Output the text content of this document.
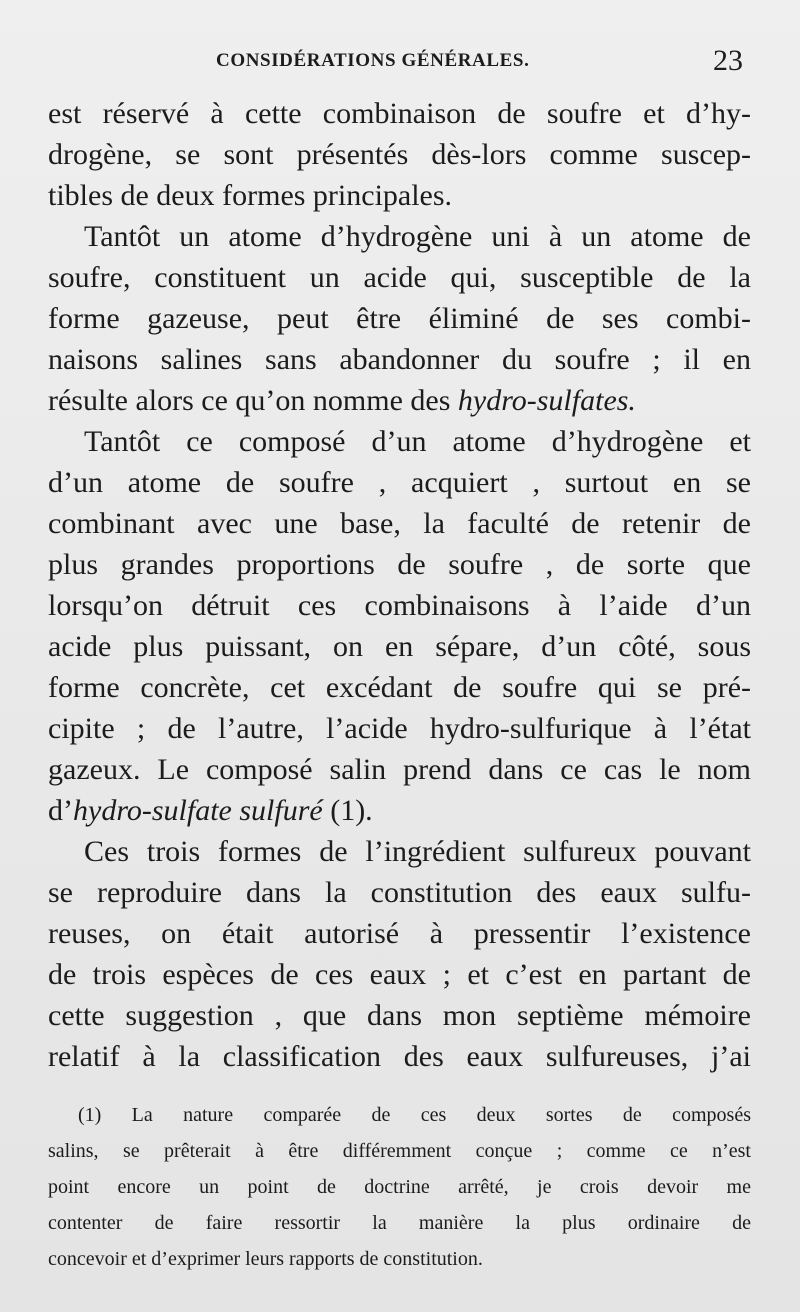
CONSIDÉRATIONS GÉNÉRALES.	23
est réservé à cette combinaison de soufre et d’hy-
drogène, se sont présentés dès-lors comme suscep-
tibles de deux formes principales.
Tantôt un atome d’hydrogène uni à un atome de
soufre, constituent un acide qui, susceptible de la
forme gazeuse, peut être éliminé de ses combi-
naisons salines sans abandonner du soufre ; il en
résulte alors ce qu’on nomme des hydro-sulfates.
Tantôt ce composé d’un atome d’hydrogène et
d’un atome de soufre , acquiert , surtout en se
combinant avec une base, la faculté de retenir de
plus grandes proportions de soufre , de sorte que
lorsqu’on détruit ces combinaisons à l’aide d’un
acide plus puissant, on en sépare, d’un côté, sous
forme concrète, cet excédant de soufre qui se pré-
cipite ; de l’autre, l’acide hydro-sulfurique à l’état
gazeux. Le composé salin prend dans ce cas le nom
d’hydro-sulfate sulfuré (1).
Ces trois formes de l’ingrédient sulfureux pouvant
se reproduire dans la constitution des eaux sulfu-
reuses, on était autorisé à pressentir l’existence
de trois espèces de ces eaux ; et c’est en partant de
cette suggestion , que dans mon septième mémoire
relatif à la classification des eaux sulfureuses, j’ai
(1) La nature comparée de ces deux sortes de composés
salins, se prêterait à être différemment conçue ; comme ce n’est
point encore un point de doctrine arrêté, je crois devoir me
contenter de faire ressortir la manière la plus ordinaire de
concevoir et d’exprimer leurs rapports de constitution.
